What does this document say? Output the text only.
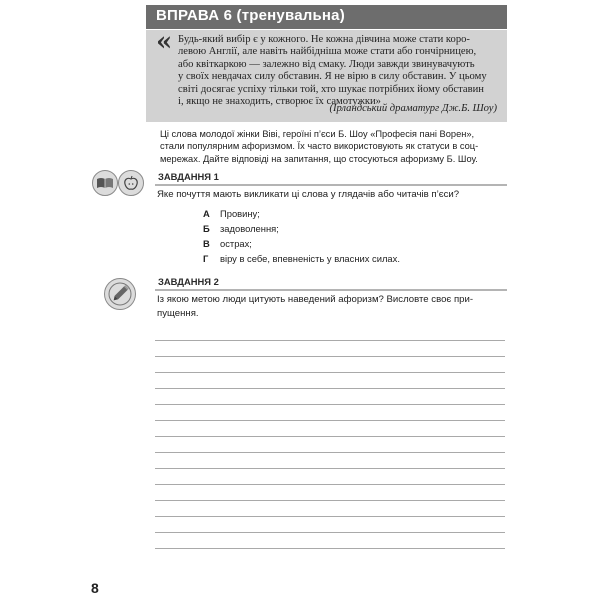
ВПРАВА 6 (тренувальна)
« Будь-який вибір є у кожного. Не кожна дівчина може стати коро-
левою Англії, але навіть найбідніша може стати або гончірницею,
або квіткаркою — залежно від смаку. Люди завжди звинувачують
у своїх невдачах силу обставин. Я не вірю в силу обставин. У цьому
світі досягає успіху тільки той, хто шукає потрібних йому обставин
і, якщо не знаходить, створює їх самотужки»
(Ірландський драматург Дж.Б. Шоу)
Ці слова молодої жінки Віві, героїні п’єси Б. Шоу «Професія пані Ворен»,
стали популярним афоризмом. Їх часто використовують як статуси в соц-
мережах. Дайте відповіді на запитання, що стосуються афоризму Б. Шоу.
ЗАВДАННЯ 1
Яке почуття мають викликати ці слова у глядачів або читачів п’єси?
А Провину;
Б задоволення;
В острах;
Г віру в себе, впевненість у власних силах.
ЗАВДАННЯ 2
Із якою метою люди цитують наведений афоризм? Висловте своє при-
пущення.
8
